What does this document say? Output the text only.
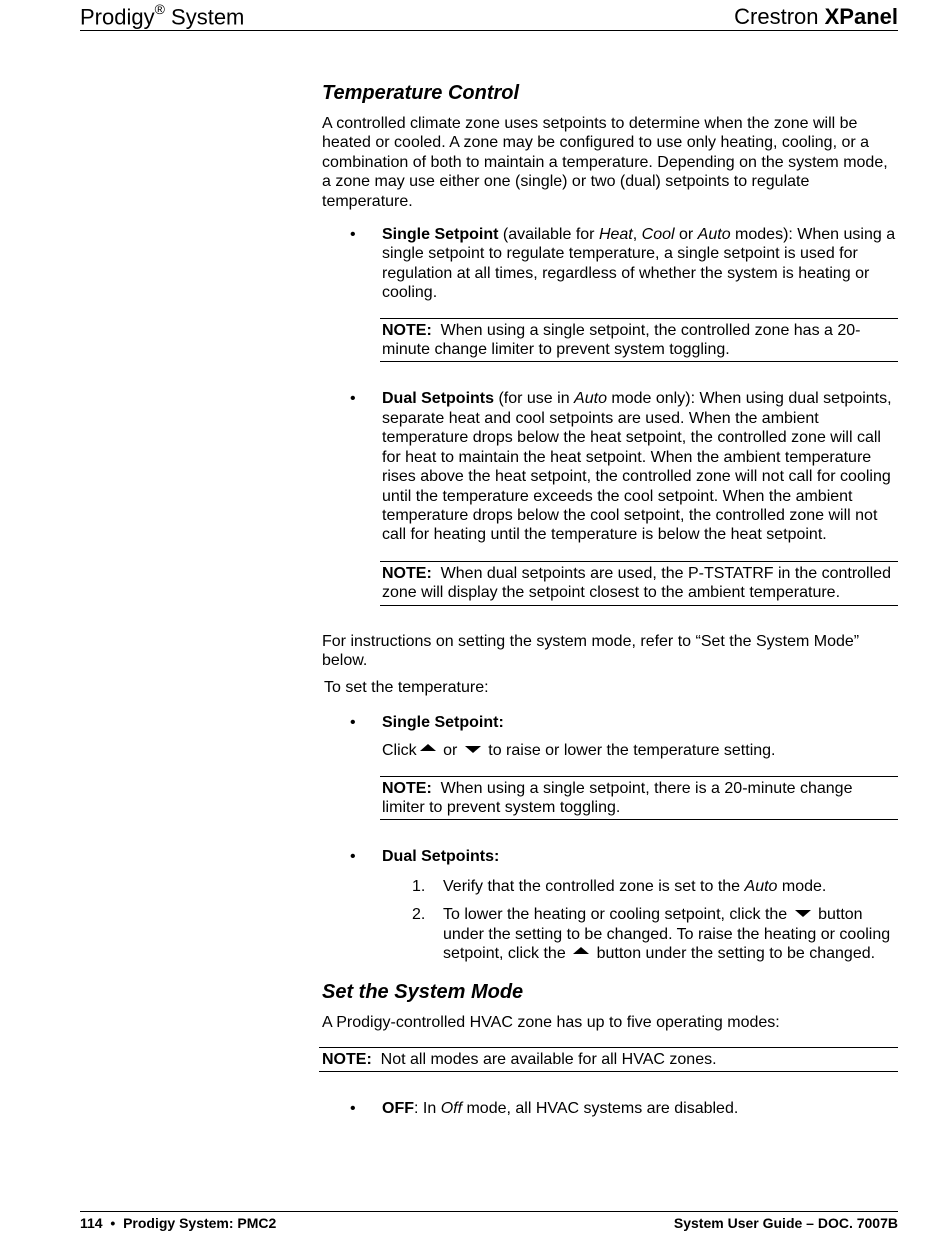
Prodigy® System	Crestron XPanel
Temperature Control

A controlled climate zone uses setpoints to determine when the zone will be heated or cooled. A zone may be configured to use only heating, cooling, or a combination of both to maintain a temperature. Depending on the system mode, a zone may use either one (single) or two (dual) setpoints to regulate temperature.

• Single Setpoint (available for Heat, Cool or Auto modes): When using a single setpoint to regulate temperature, a single setpoint is used for regulation at all times, regardless of whether the system is heating or cooling.
NOTE:  When using a single setpoint, the controlled zone has a 20-minute change limiter to prevent system toggling.
• Dual Setpoints (for use in Auto mode only): When using dual setpoints, separate heat and cool setpoints are used. When the ambient temperature drops below the heat setpoint, the controlled zone will call for heat to maintain the heat setpoint. When the ambient temperature rises above the heat setpoint, the controlled zone will not call for cooling until the temperature exceeds the cool setpoint. When the ambient temperature drops below the cool setpoint, the controlled zone will not call for heating until the temperature is below the heat setpoint.
NOTE:  When dual setpoints are used, the P-TSTATRF in the controlled zone will display the setpoint closest to the ambient temperature.

For instructions on setting the system mode, refer to “Set the System Mode” below.

To set the temperature:

• Single Setpoint:
Click or  to raise or lower the temperature setting.
NOTE:  When using a single setpoint, there is a 20-minute change limiter to prevent system toggling.
• Dual Setpoints:
1. Verify that the controlled zone is set to the Auto mode.
2. To lower the heating or cooling setpoint, click the  button under the setting to be changed. To raise the heating or cooling setpoint, click the  button under the setting to be changed.
Set the System Mode

A Prodigy-controlled HVAC zone has up to five operating modes:

NOTE:  Not all modes are available for all HVAC zones.
• OFF: In Off mode, all HVAC systems are disabled.
114  •  Prodigy System: PMC2	System User Guide – DOC. 7007B
